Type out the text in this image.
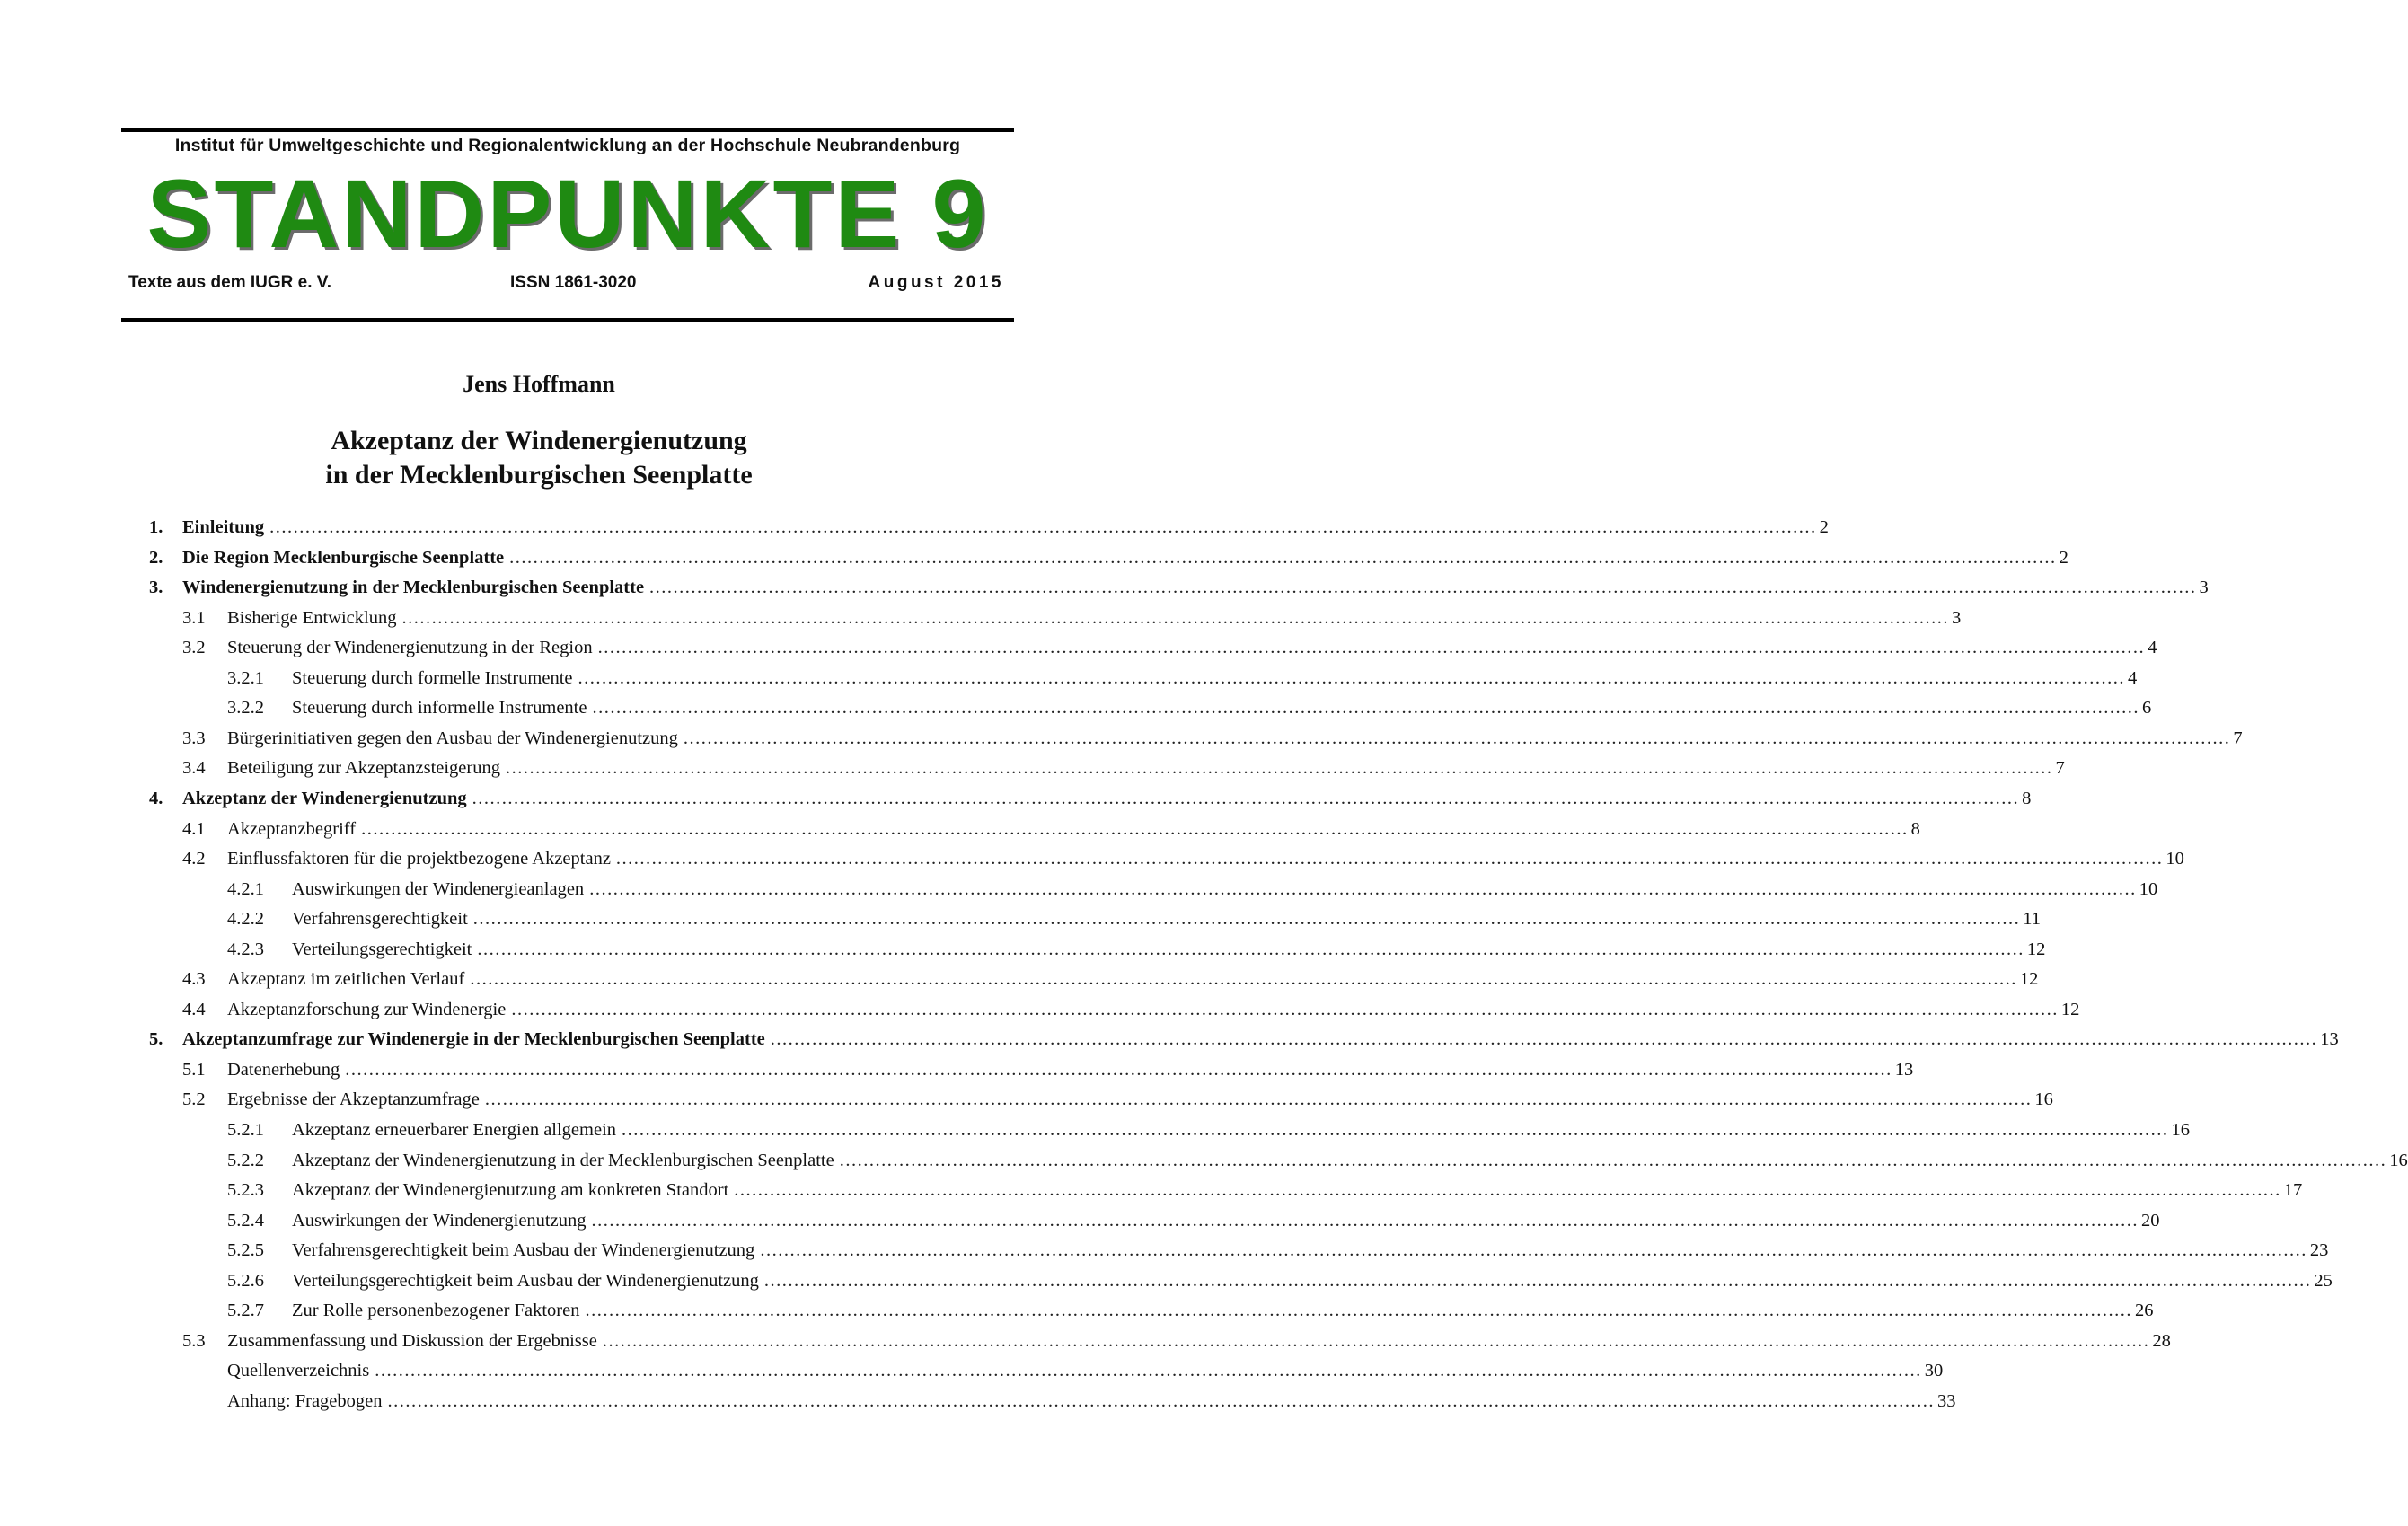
Institut für Umweltgeschichte und Regionalentwicklung an der Hochschule Neubrandenburg
STANDPUNKTE 9
Texte aus dem IUGR e. V.	ISSN 1861-3020	August 2015
Jens Hoffmann
Akzeptanz der Windenergienutzung
in der Mecklenburgischen Seenplatte
1. Einleitung .................................................................................................................................................................................................................................................................... 2
2. Die Region Mecklenburgische Seenplatte .................................................................................................................................................................................................................................................................... 2
3. Windenergienutzung in der Mecklenburgischen Seenplatte .................................................................................................................................................................................................................................................................... 3
3.1 Bisherige Entwicklung .................................................................................................................................................................................................................................................................... 3
3.2 Steuerung der Windenergienutzung in der Region .................................................................................................................................................................................................................................................................... 4
3.2.1 Steuerung durch formelle Instrumente .................................................................................................................................................................................................................................................................... 4
3.2.2 Steuerung durch informelle Instrumente .................................................................................................................................................................................................................................................................... 6
3.3 Bürgerinitiativen gegen den Ausbau der Windenergienutzung .................................................................................................................................................................................................................................................................... 7
3.4 Beteiligung zur Akzeptanzsteigerung .................................................................................................................................................................................................................................................................... 7
4. Akzeptanz der Windenergienutzung .................................................................................................................................................................................................................................................................... 8
4.1 Akzeptanzbegriff .................................................................................................................................................................................................................................................................... 8
4.2 Einflussfaktoren für die projektbezogene Akzeptanz .................................................................................................................................................................................................................................................................... 10
4.2.1 Auswirkungen der Windenergieanlagen .................................................................................................................................................................................................................................................................... 10
4.2.2 Verfahrensgerechtigkeit .................................................................................................................................................................................................................................................................... 11
4.2.3 Verteilungsgerechtigkeit .................................................................................................................................................................................................................................................................... 12
4.3 Akzeptanz im zeitlichen Verlauf .................................................................................................................................................................................................................................................................... 12
4.4 Akzeptanzforschung zur Windenergie .................................................................................................................................................................................................................................................................... 12
5. Akzeptanzumfrage zur Windenergie in der Mecklenburgischen Seenplatte .................................................................................................................................................................................................................................................................... 13
5.1 Datenerhebung .................................................................................................................................................................................................................................................................... 13
5.2 Ergebnisse der Akzeptanzumfrage .................................................................................................................................................................................................................................................................... 16
5.2.1 Akzeptanz erneuerbarer Energien allgemein .................................................................................................................................................................................................................................................................... 16
5.2.2 Akzeptanz der Windenergienutzung in der Mecklenburgischen Seenplatte .................................................................................................................................................................................................................................................................... 16
5.2.3 Akzeptanz der Windenergienutzung am konkreten Standort .................................................................................................................................................................................................................................................................... 17
5.2.4 Auswirkungen der Windenergienutzung .................................................................................................................................................................................................................................................................... 20
5.2.5 Verfahrensgerechtigkeit beim Ausbau der Windenergienutzung .................................................................................................................................................................................................................................................................... 23
5.2.6 Verteilungsgerechtigkeit beim Ausbau der Windenergienutzung .................................................................................................................................................................................................................................................................... 25
5.2.7 Zur Rolle personenbezogener Faktoren .................................................................................................................................................................................................................................................................... 26
5.3 Zusammenfassung und Diskussion der Ergebnisse .................................................................................................................................................................................................................................................................... 28
Quellenverzeichnis .................................................................................................................................................................................................................................................................... 30
Anhang: Fragebogen .................................................................................................................................................................................................................................................................... 33
